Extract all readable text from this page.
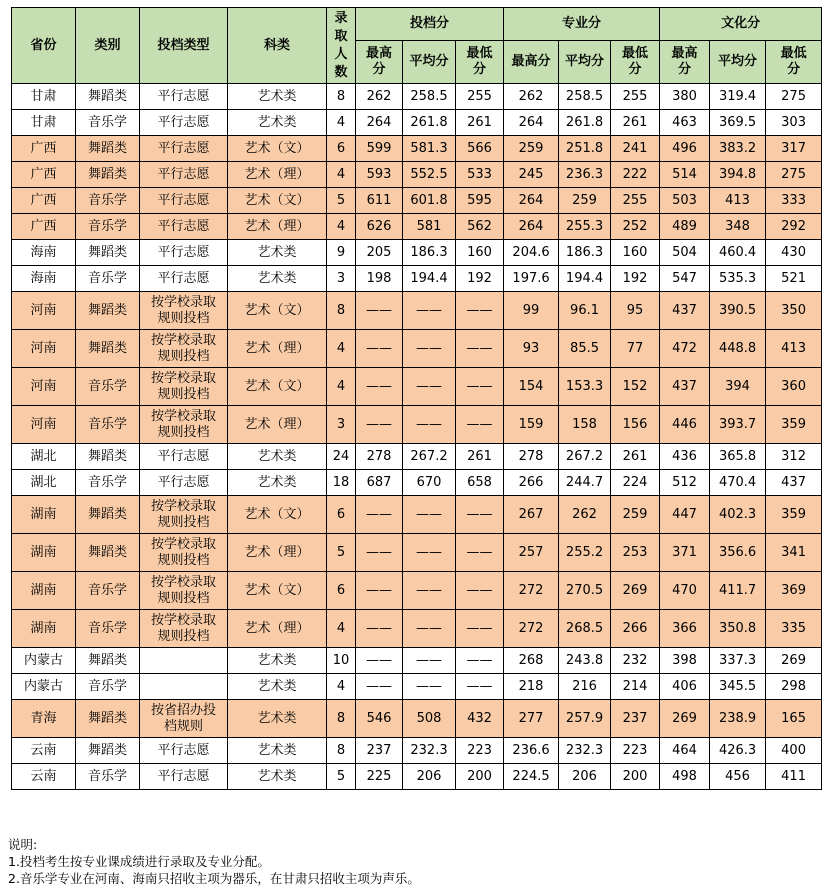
省份	类别	投档类型	科类	录取人数	投档分			专业分			文化分		
					最高分	平均分	最低分	最高分	平均分	最低分	最高分	平均分	最低分
甘肃	舞蹈类	平行志愿	艺术类	8	262	258.5	255	262	258.5	255	380	319.4	275
甘肃	音乐学	平行志愿	艺术类	4	264	261.8	261	264	261.8	261	463	369.5	303
广西	舞蹈类	平行志愿	艺术（文）	6	599	581.3	566	259	251.8	241	496	383.2	317
广西	舞蹈类	平行志愿	艺术（理）	4	593	552.5	533	245	236.3	222	514	394.8	275
广西	音乐学	平行志愿	艺术（文）	5	611	601.8	595	264	259	255	503	413	333
广西	音乐学	平行志愿	艺术（理）	4	626	581	562	264	255.3	252	489	348	292
海南	舞蹈类	平行志愿	艺术类	9	205	186.3	160	204.6	186.3	160	504	460.4	430
海南	音乐学	平行志愿	艺术类	3	198	194.4	192	197.6	194.4	192	547	535.3	521
河南	舞蹈类	按学校录取规则投档	艺术（文）	8	——	——	——	99	96.1	95	437	390.5	350
河南	舞蹈类	按学校录取规则投档	艺术（理）	4	——	——	——	93	85.5	77	472	448.8	413
河南	音乐学	按学校录取规则投档	艺术（文）	4	——	——	——	154	153.3	152	437	394	360
河南	音乐学	按学校录取规则投档	艺术（理）	3	——	——	——	159	158	156	446	393.7	359
湖北	舞蹈类	平行志愿	艺术类	24	278	267.2	261	278	267.2	261	436	365.8	312
湖北	音乐学	平行志愿	艺术类	18	687	670	658	266	244.7	224	512	470.4	437
湖南	舞蹈类	按学校录取规则投档	艺术（文）	6	——	——	——	267	262	259	447	402.3	359
湖南	舞蹈类	按学校录取规则投档	艺术（理）	5	——	——	——	257	255.2	253	371	356.6	341
湖南	音乐学	按学校录取规则投档	艺术（文）	6	——	——	——	272	270.5	269	470	411.7	369
湖南	音乐学	按学校录取规则投档	艺术（理）	4	——	——	——	272	268.5	266	366	350.8	335
内蒙古	舞蹈类		艺术类	10	——	——	——	268	243.8	232	398	337.3	269
内蒙古	音乐学		艺术类	4	——	——	——	218	216	214	406	345.5	298
青海	舞蹈类	按省招办投档规则	艺术类	8	546	508	432	277	257.9	237	269	238.9	165
云南	舞蹈类	平行志愿	艺术类	8	237	232.3	223	236.6	232.3	223	464	426.3	400
云南	音乐学	平行志愿	艺术类	5	225	206	200	224.5	206	200	498	456	411
说明:
1.投档考生按专业课成绩进行录取及专业分配。
2.音乐学专业在河南、海南只招收主项为器乐，在甘肃只招收主项为声乐。
